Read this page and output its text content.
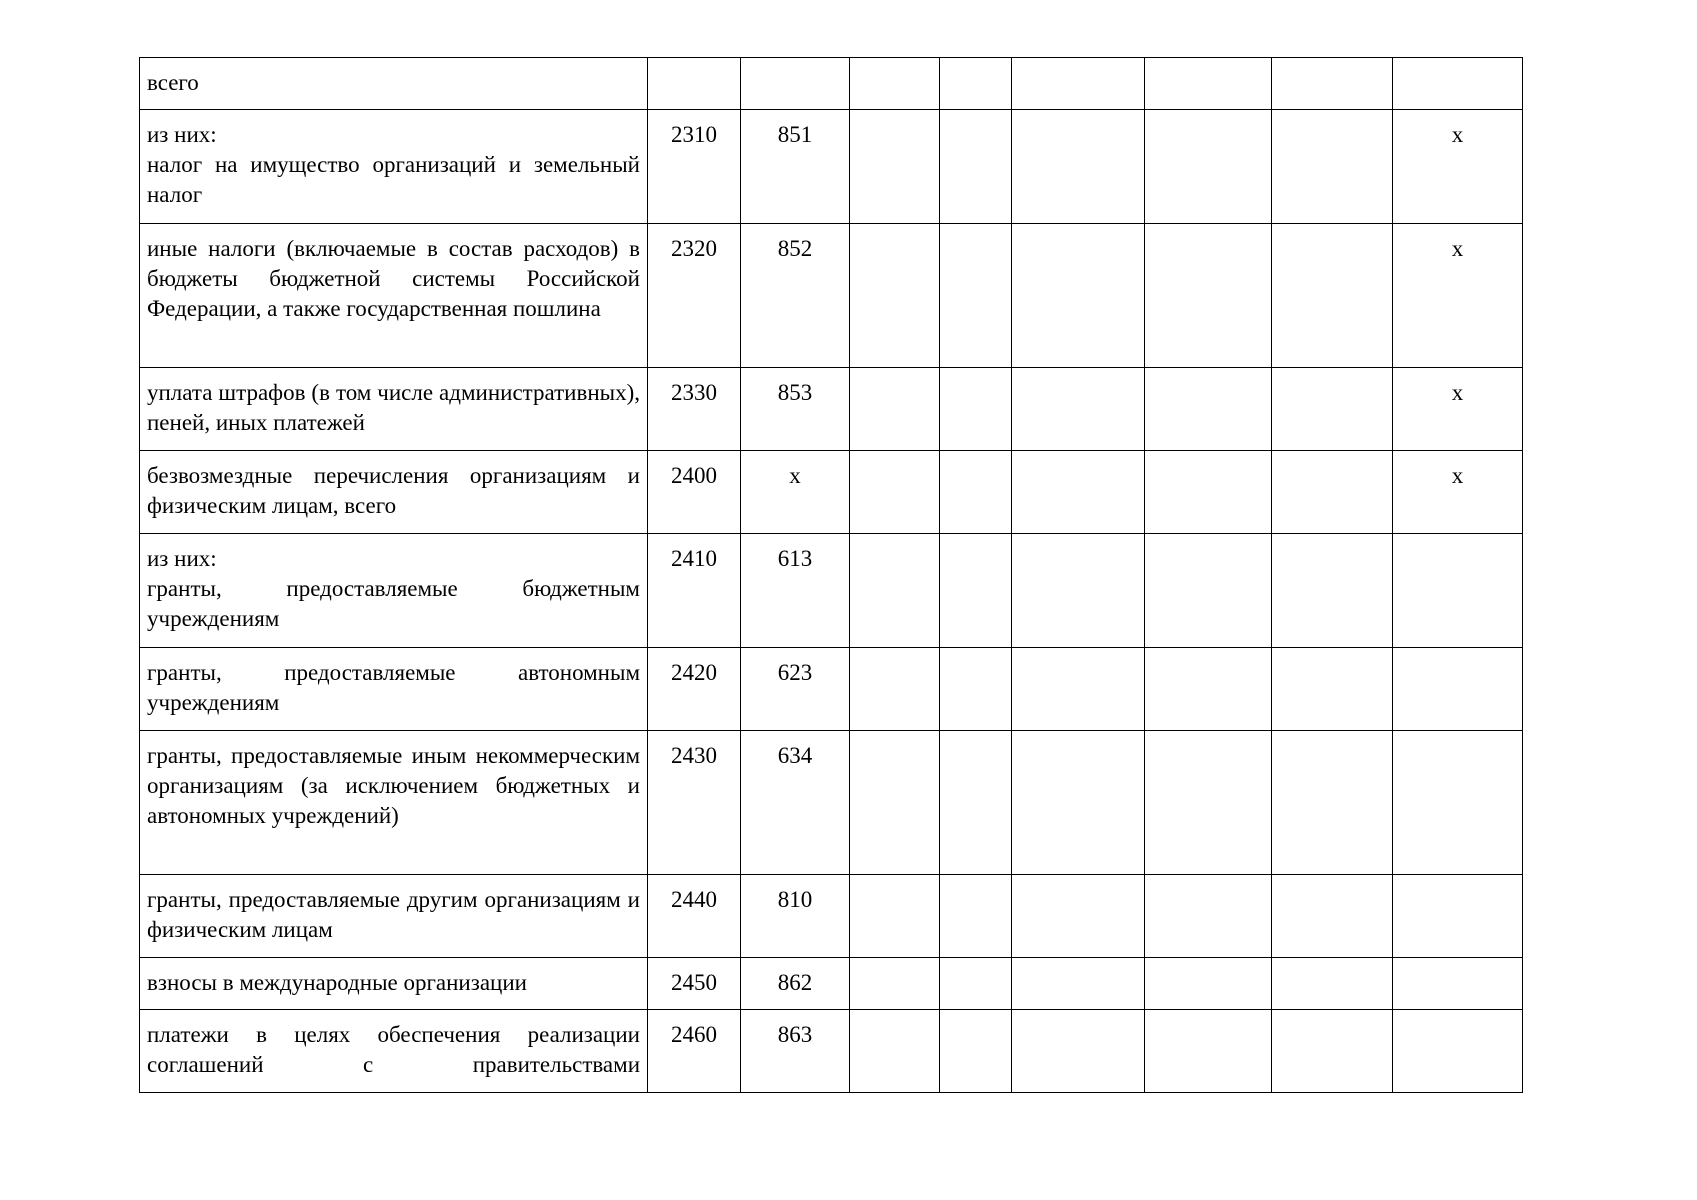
всего								

из них:
налог на имущество организаций и земельный налог	2310	851						x

иные налоги (включаемые в состав расходов) в бюджеты бюджетной системы Российской Федерации, а также государственная пошлина	2320	852						x

уплата штрафов (в том числе административных), пеней, иных платежей	2330	853						x

безвозмездные перечисления организациям и физическим лицам, всего	2400	x						x

из них:
гранты, предоставляемые бюджетным учреждениям	2410	613						

гранты, предоставляемые автономным учреждениям	2420	623						

гранты, предоставляемые иным некоммерческим организациям (за исключением бюджетных и автономных учреждений)	2430	634						

гранты, предоставляемые другим организациям и физическим лицам	2440	810						

взносы в международные организации	2450	862						

платежи в целях обеспечения реализации соглашений с правительствами	2460	863						
